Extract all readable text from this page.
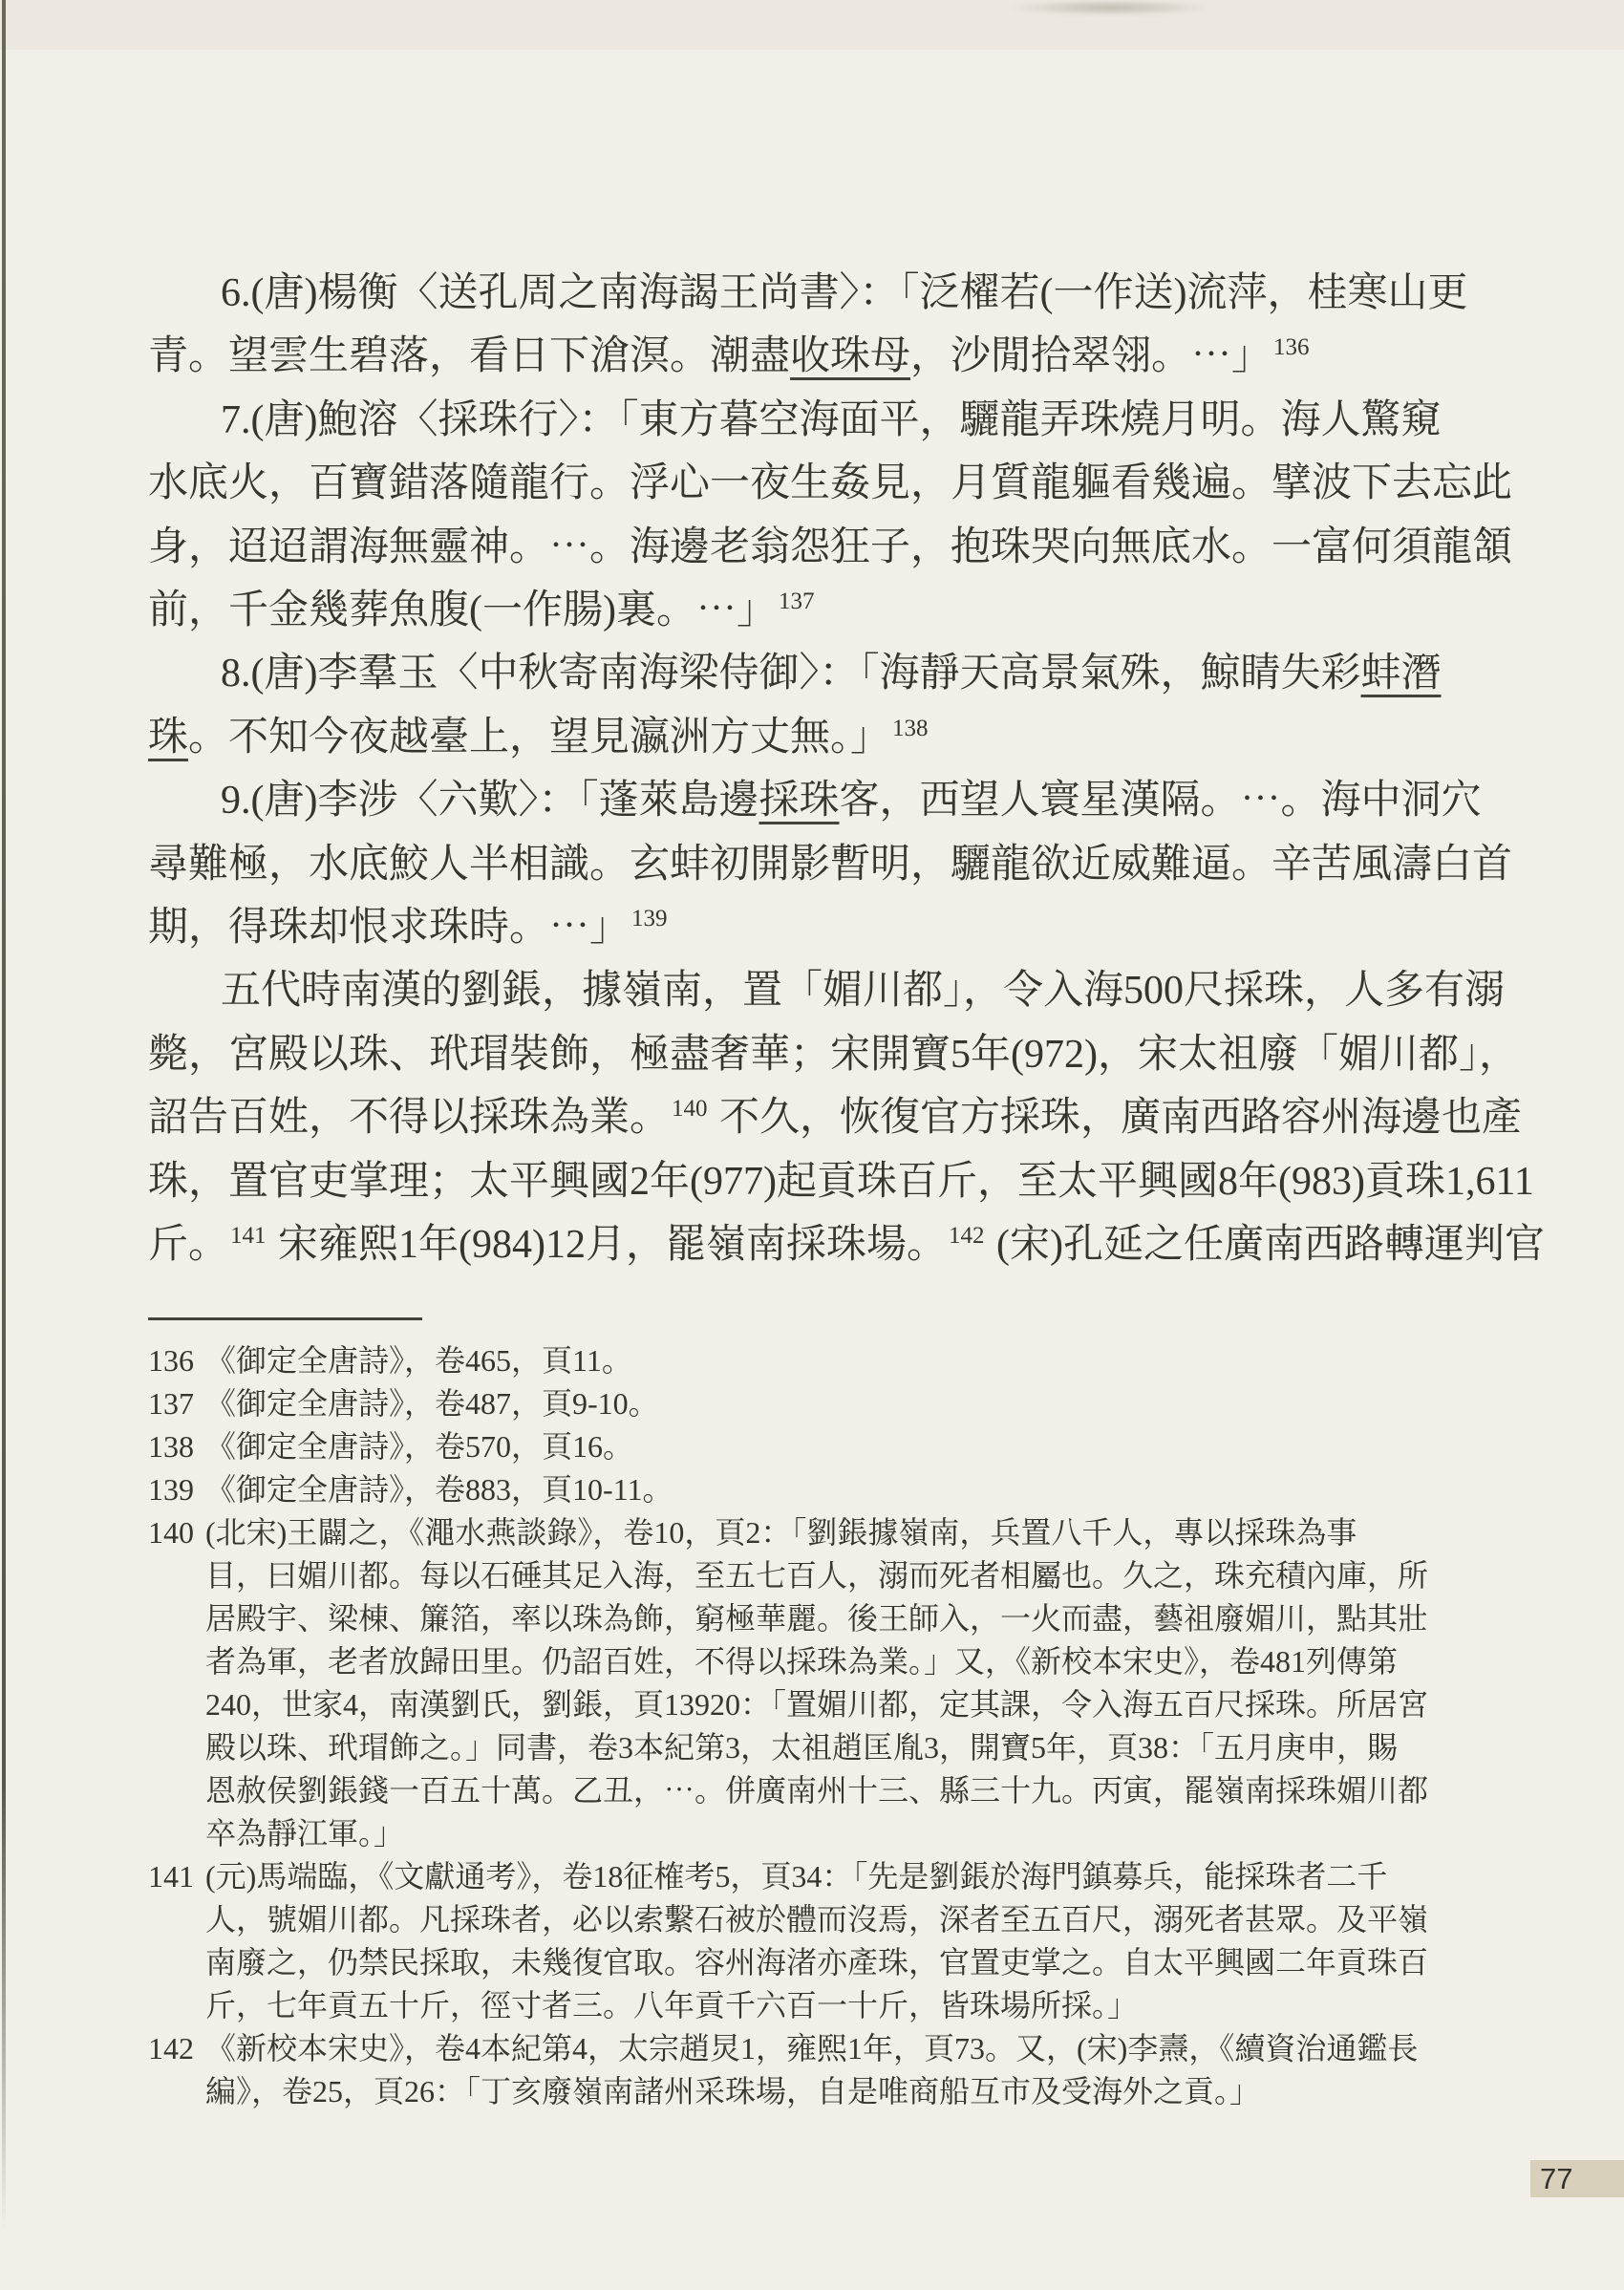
6.(唐)楊衡〈送孔周之南海謁王尚書〉：「泛櫂若(一作送)流萍，桂寒山更
青。望雲生碧落，看日下滄溟。潮盡收珠母，沙閒拾翠翎。⋯」$^{136}$
7.(唐)鮑溶〈採珠行〉：「東方暮空海面平，驪龍弄珠燒月明。海人驚窺
水底火，百寶錯落隨龍行。浮心一夜生姦見，月質龍軀看幾遍。擘波下去忘此
身，迢迢謂海無靈神。⋯。海邊老翁怨狂子，抱珠哭向無底水。一富何須龍頷
前，千金幾葬魚腹(一作腸)裏。⋯」$^{137}$
8.(唐)李羣玉〈中秋寄南海梁侍御〉：「海靜天高景氣殊，鯨睛失彩蚌潛
珠。不知今夜越臺上，望見瀛洲方丈無。」$^{138}$
9.(唐)李涉〈六歎〉：「蓬萊島邊採珠客，西望人寰星漢隔。⋯。海中洞穴
尋難極，水底鮫人半相識。玄蚌初開影暫明，驪龍欲近威難逼。辛苦風濤白首
期，得珠却恨求珠時。⋯」$^{139}$
五代時南漢的劉鋹，據嶺南，置「媚川都」，令入海500尺採珠，人多有溺
斃，宮殿以珠、玳瑁裝飾，極盡奢華；宋開寶5年(972)，宋太祖廢「媚川都」，
詔告百姓，不得以採珠為業。$^{140}$ 不久，恢復官方採珠，廣南西路容州海邊也產
珠，置官吏掌理；太平興國2年(977)起貢珠百斤，至太平興國8年(983)貢珠1,611
斤。$^{141}$ 宋雍熙1年(984)12月，罷嶺南採珠場。$^{142}$ (宋)孔延之任廣南西路轉運判官
136 《御定全唐詩》，卷465，頁11。
137 《御定全唐詩》，卷487，頁9-10。
138 《御定全唐詩》，卷570，頁16。
139 《御定全唐詩》，卷883，頁10-11。
140 (北宋)王闢之，《澠水燕談錄》，卷10，頁2：「劉鋹據嶺南，兵置八千人，專以採珠為事
目，曰媚川都。每以石硾其足入海，至五七百人，溺而死者相屬也。久之，珠充積內庫，所
居殿宇、梁棟、簾箔，率以珠為飾，窮極華麗。後王師入，一火而盡，藝祖廢媚川，點其壯
者為軍，老者放歸田里。仍詔百姓，不得以採珠為業。」又，《新校本宋史》，卷481列傳第
240，世家4，南漢劉氏，劉鋹，頁13920：「置媚川都，定其課，令入海五百尺採珠。所居宮
殿以珠、玳瑁飾之。」同書，卷3本紀第3，太祖趙匡胤3，開寶5年，頁38：「五月庚申，賜
恩赦侯劉鋹錢一百五十萬。乙丑，⋯。併廣南州十三、縣三十九。丙寅，罷嶺南採珠媚川都
卒為靜江軍。」
141 (元)馬端臨，《文獻通考》，卷18征榷考5，頁34：「先是劉鋹於海門鎮募兵，能採珠者二千
人，號媚川都。凡採珠者，必以索繫石被於體而沒焉，深者至五百尺，溺死者甚眾。及平嶺
南廢之，仍禁民採取，未幾復官取。容州海渚亦產珠，官置吏掌之。自太平興國二年貢珠百
斤，七年貢五十斤，徑寸者三。八年貢千六百一十斤，皆珠場所採。」
142 《新校本宋史》，卷4本紀第4，太宗趙炅1，雍熙1年，頁73。又，(宋)李燾，《續資治通鑑長
編》，卷25，頁26：「丁亥廢嶺南諸州采珠場，自是唯商船互市及受海外之貢。」
77
